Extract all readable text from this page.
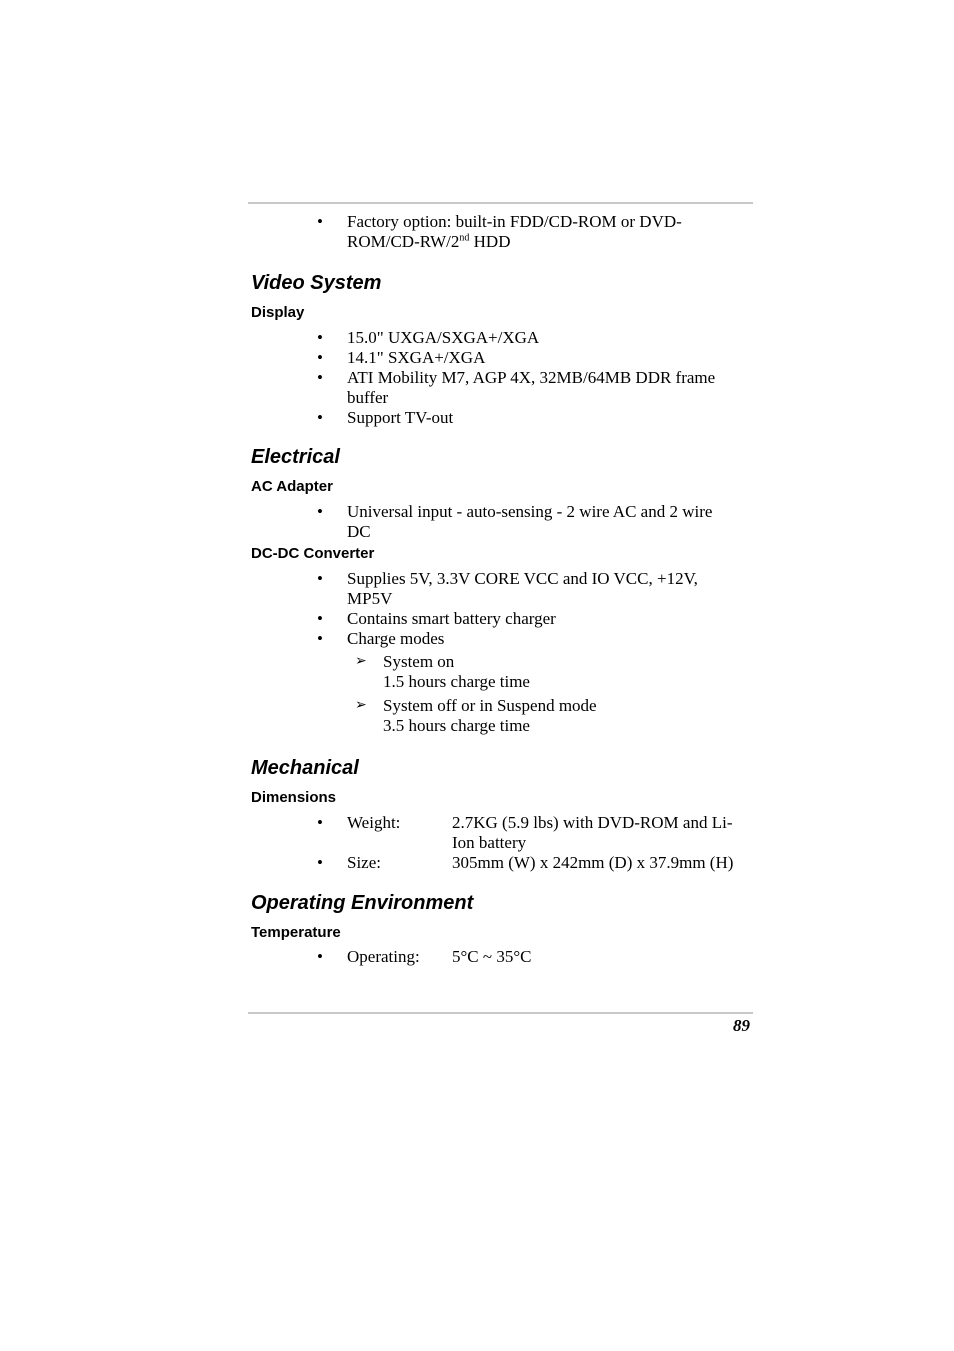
• Factory option: built-in FDD/CD-ROM or DVD-
ROM/CD-RW/2nd HDD
Video System
Display
• 15.0" UXGA/SXGA+/XGA
• 14.1" SXGA+/XGA
• ATI Mobility M7, AGP 4X, 32MB/64MB DDR frame buffer
• Support TV-out
Electrical
AC Adapter
• Universal input - auto-sensing - 2 wire AC and 2 wire DC
DC-DC Converter
• Supplies 5V, 3.3V CORE VCC and IO VCC, +12V, MP5V
• Contains smart battery charger
• Charge modes
➢ System on
1.5 hours charge time
➢ System off or in Suspend mode
3.5 hours charge time
Mechanical
Dimensions
• Weight:	2.7KG (5.9 lbs) with DVD-ROM and Li-Ion battery
• Size:	305mm (W) x 242mm (D) x 37.9mm (H)
Operating Environment
Temperature
• Operating:	5°C ~ 35°C
89
